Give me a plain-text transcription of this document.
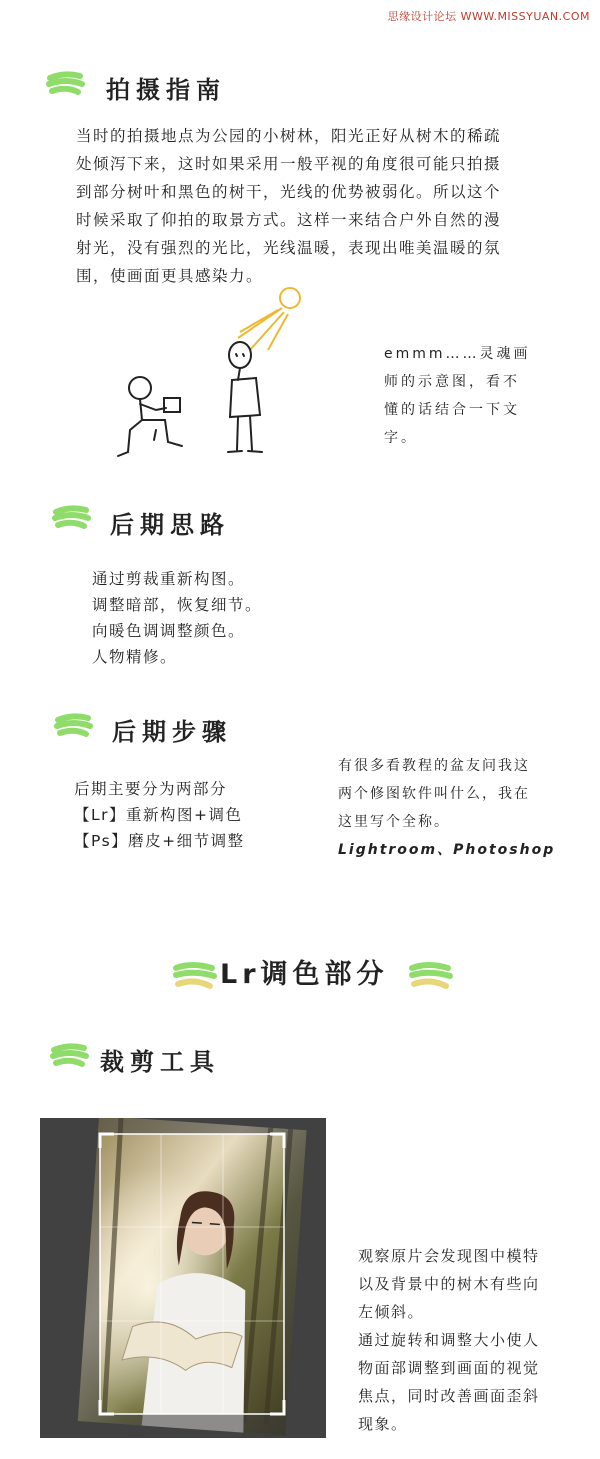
思缘设计论坛 WWW.MISSYUAN.COM
拍摄指南
当时的拍摄地点为公园的小树林，阳光正好从树木的稀疏
处倾泻下来，这时如果采用一般平视的角度很可能只拍摄
到部分树叶和黑色的树干，光线的优势被弱化。所以这个
时候采取了仰拍的取景方式。这样一来结合户外自然的漫
射光，没有强烈的光比，光线温暖，表现出唯美温暖的氛
围，使画面更具感染力。
emmm……灵魂画
师的示意图，看不
懂的话结合一下文
字。
后期思路
通过剪裁重新构图。
调整暗部，恢复细节。
向暖色调调整颜色。
人物精修。
后期步骤
后期主要分为两部分
【Lr】重新构图+调色
【Ps】磨皮+细节调整
有很多看教程的盆友问我这
两个修图软件叫什么，我在
这里写个全称。
Lightroom、Photoshop
Lr调色部分
裁剪工具
观察原片会发现图中模特
以及背景中的树木有些向
左倾斜。
通过旋转和调整大小使人
物面部调整到画面的视觉
焦点，同时改善画面歪斜
现象。
